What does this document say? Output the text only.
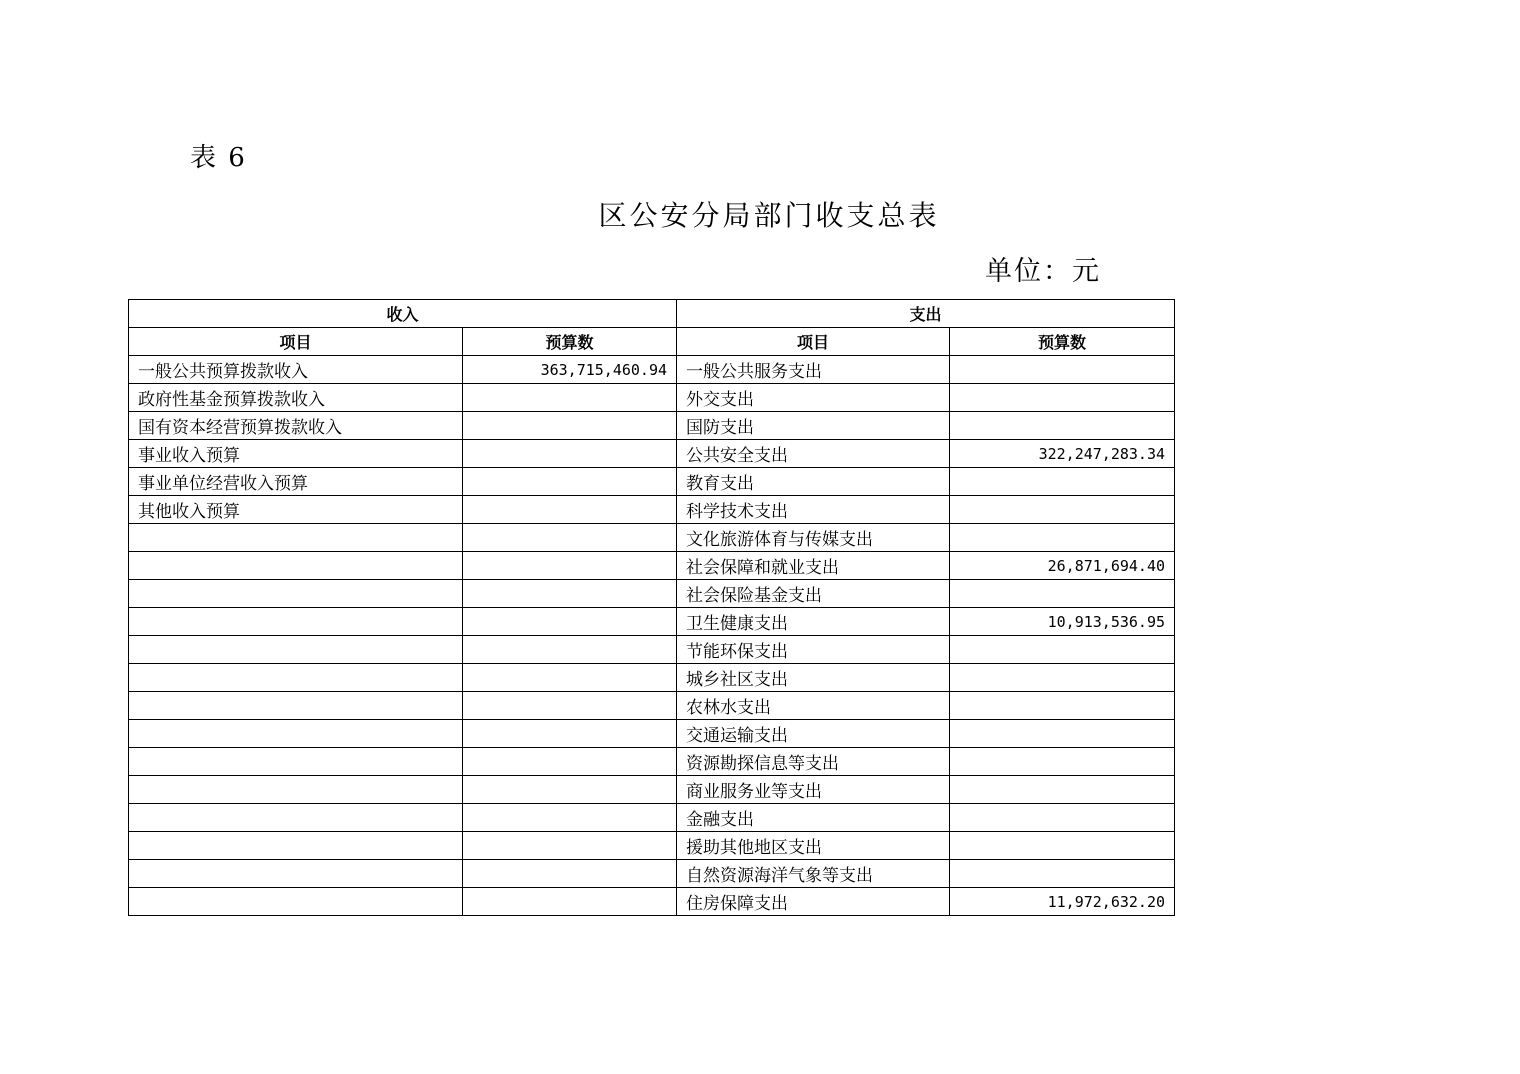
表 6
区公安分局部门收支总表
单位：元
收入		支出	
项目	预算数	项目	预算数
一般公共预算拨款收入	363,715,460.94	一般公共服务支出	
政府性基金预算拨款收入		外交支出	
国有资本经营预算拨款收入		国防支出	
事业收入预算		公共安全支出	322,247,283.34
事业单位经营收入预算		教育支出	
其他收入预算		科学技术支出	
		文化旅游体育与传媒支出	
		社会保障和就业支出	26,871,694.40
		社会保险基金支出	
		卫生健康支出	10,913,536.95
		节能环保支出	
		城乡社区支出	
		农林水支出	
		交通运输支出	
		资源勘探信息等支出	
		商业服务业等支出	
		金融支出	
		援助其他地区支出	
		自然资源海洋气象等支出	
		住房保障支出	11,972,632.20
